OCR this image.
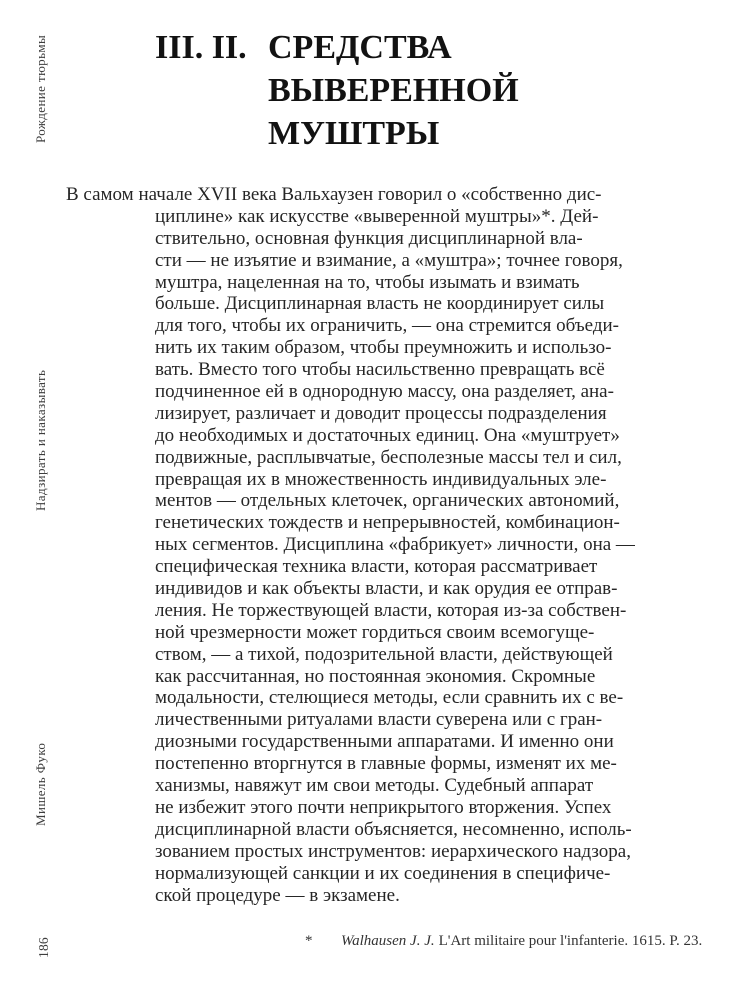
Рождение тюрьмы
Надзирать и наказывать
Мишель Фуко
186
III. II. СРЕДСТВА
ВЫВЕРЕННОЙ
МУШТРЫ
В самом начале XVII века Вальхаузен говорил о «собственно дис-
циплине» как искусстве «выверенной муштры»*. Дей-
ствительно, основная функция дисциплинарной вла-
сти — не изъятие и взимание, а «муштра»; точнее говоря,
муштра, нацеленная на то, чтобы изымать и взимать
больше. Дисциплинарная власть не координирует силы
для того, чтобы их ограничить, — она стремится объеди-
нить их таким образом, чтобы преумножить и использо-
вать. Вместо того чтобы насильственно превращать всё
подчиненное ей в однородную массу, она разделяет, ана-
лизирует, различает и доводит процессы подразделения
до необходимых и достаточных единиц. Она «муштрует»
подвижные, расплывчатые, бесполезные массы тел и сил,
превращая их в множественность индивидуальных эле-
ментов — отдельных клеточек, органических автономий,
генетических тождеств и непрерывностей, комбинацион-
ных сегментов. Дисциплина «фабрикует» личности, она —
специфическая техника власти, которая рассматривает
индивидов и как объекты власти, и как орудия ее отправ-
ления. Не торжествующей власти, которая из-за собствен-
ной чрезмерности может гордиться своим всемогуще-
ством, — а тихой, подозрительной власти, действующей
как рассчитанная, но постоянная экономия. Скромные
модальности, стелющиеся методы, если сравнить их с ве-
личественными ритуалами власти суверена или с гран-
диозными государственными аппаратами. И именно они
постепенно вторгнутся в главные формы, изменят их ме-
ханизмы, навяжут им свои методы. Судебный аппарат
не избежит этого почти неприкрытого вторжения. Успех
дисциплинарной власти объясняется, несомненно, исполь-
зованием простых инструментов: иерархического надзора,
нормализующей санкции и их соединения в специфиче-
ской процедуре — в экзамене.
*	Walhausen J. J. L'Art militaire pour l'infanterie. 1615. P. 23.
